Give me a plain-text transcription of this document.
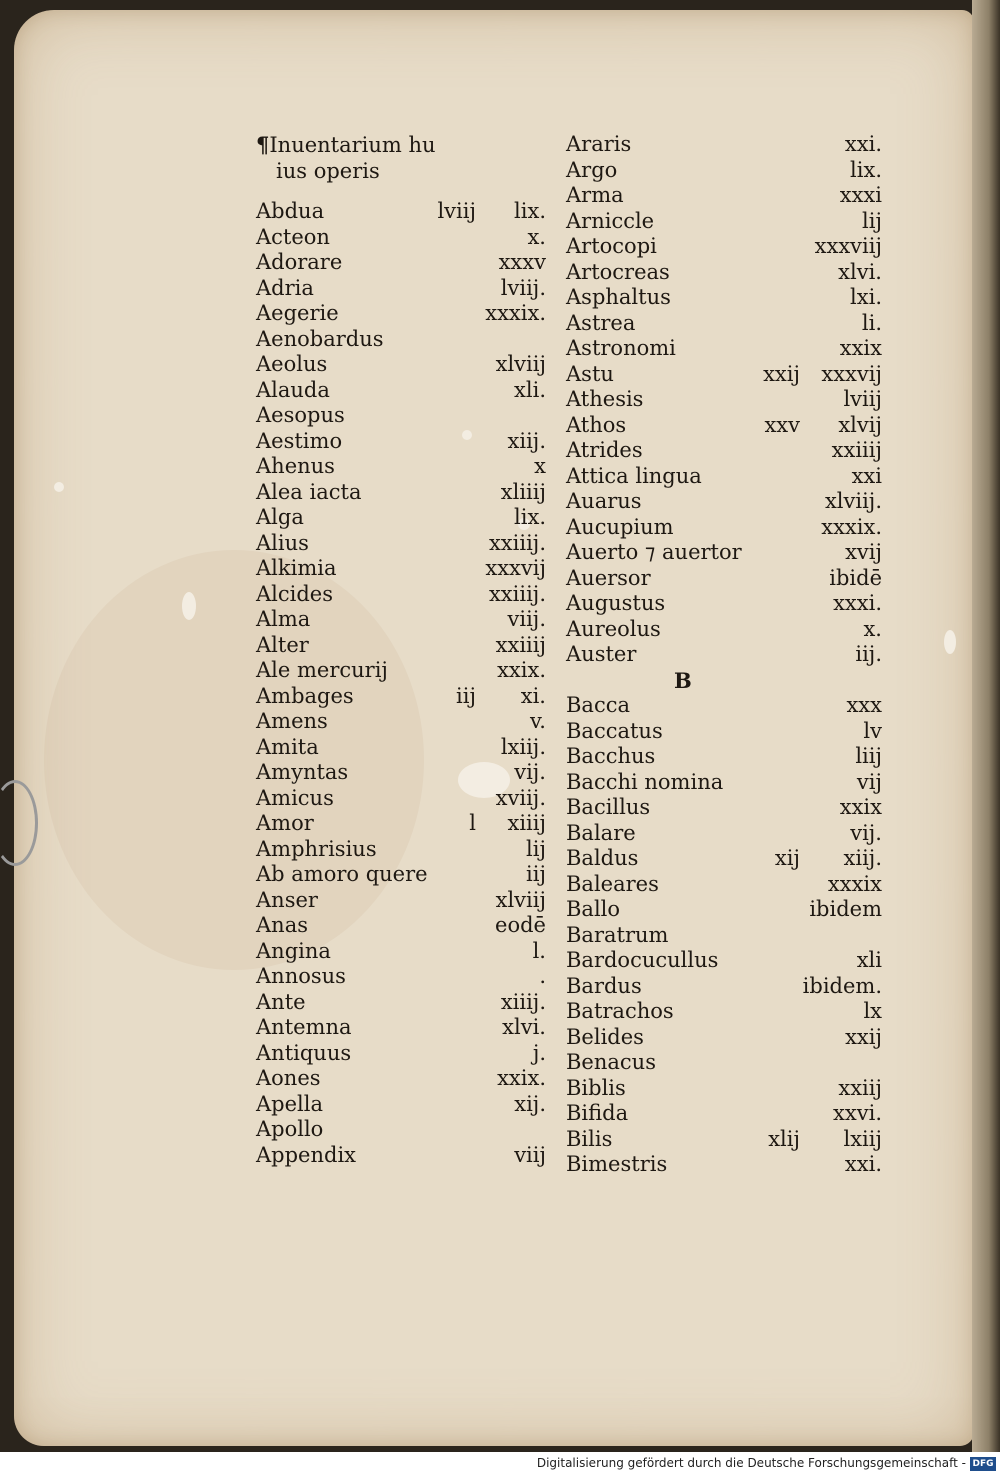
¶Inuentarium hu
ius operis
Abdua	lviij lix.
Acteon	x.
Adorare	xxxv
Adria	lviij.
Aegerie	xxxix.
Aenobardus
Aeolus	xlviij
Alauda	xli.
Aesopus
Aestimo	xiij.
Ahenus	x
Alea iacta	xliiij
Alga	lix.
Alius	xxiiij.
Alkimia	xxxvij
Alcides	xxiiij.
Alma	viij.
Alter	xxiiij
Ale mercurij	xxix.
Ambages	iij xi.
Amens	v.
Amita	lxiij.
Amyntas	vij.
Amicus	xviij.
Amor	l xiiij
Amphrisius	lij
Ab amoro quere	iij
Anser	xlviij
Anas	eodē
Angina	l.
Annosus	.
Ante	xiiij.
Antemna	xlvi.
Antiquus	j.
Aones	xxix.
Apella	xij.
Apollo
Appendix	viij
Araris	xxi.
Argo	lix.
Arma	xxxi
Arniccle	lij
Artocopi	xxxviij
Artocreas	xlvi.
Asphaltus	lxi.
Astrea	li.
Astronomi	xxix
Astu	xxij xxxvij
Athesis	lviij
Athos	xxv xlvij
Atrides	xxiiij
Attica lingua	xxi
Auarus	xlviij.
Aucupium	xxxix.
Auerto ⁊ auertor	xvij
Auersor	ibidē
Augustus	xxxi.
Aureolus	x.
Auster	iij.
B
Bacca	xxx
Baccatus	lv
Bacchus	liij
Bacchi nomina	vij
Bacillus	xxix
Balare	vij.
Baldus	xij xiij.
Baleares	xxxix
Ballo	ibidem
Baratrum
Bardocucullus	xli
Bardus	ibidem.
Batrachos	lx
Belides	xxij
Benacus
Biblis	xxiij
Bifida	xxvi.
Bilis	xlij lxiij
Bimestris	xxi.
Digitalisierung gefördert durch die Deutsche Forschungsgemeinschaft - DFG
